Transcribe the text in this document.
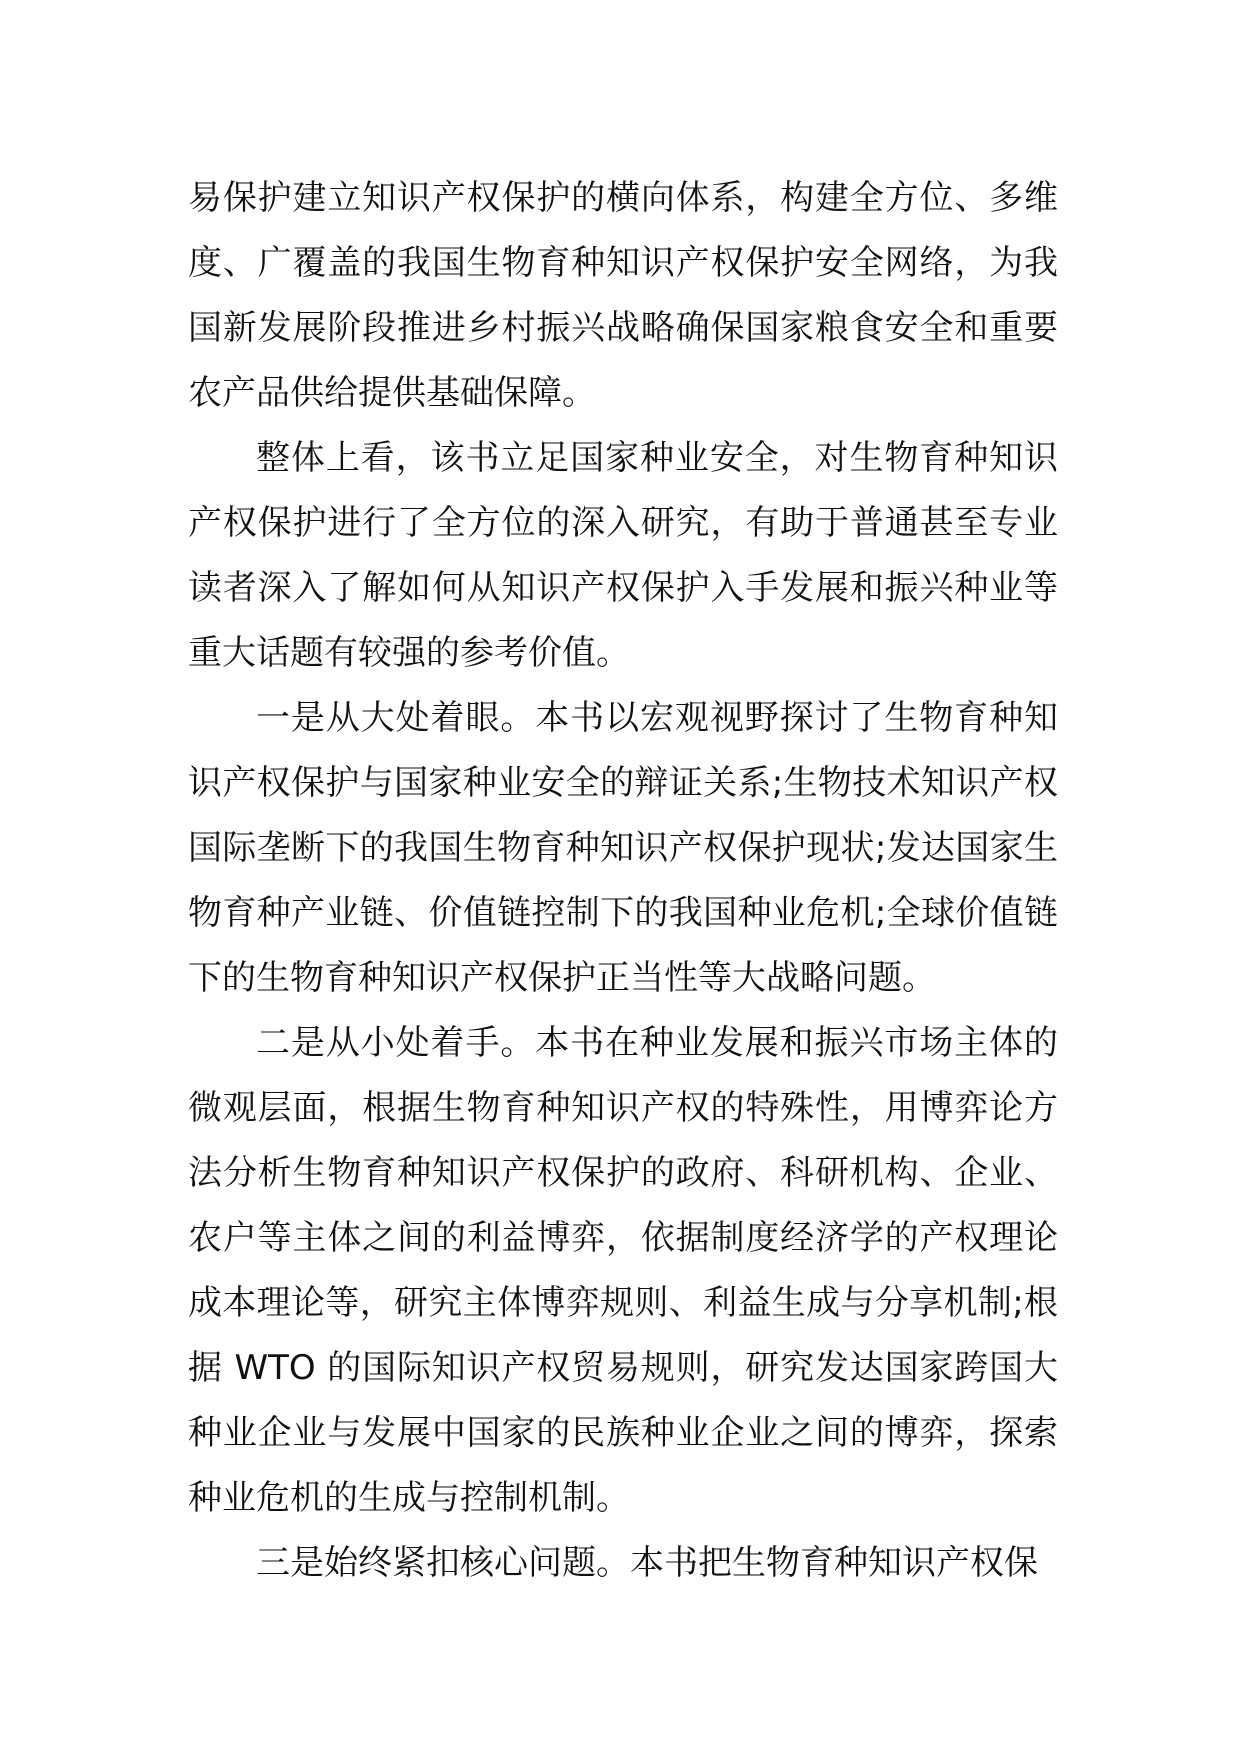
易保护建立知识产权保护的横向体系，构建全方位、多维度、广覆盖的我国生物育种知识产权保护安全网络，为我国新发展阶段推进乡村振兴战略确保国家粮食安全和重要农产品供给提供基础保障。

整体上看，该书立足国家种业安全，对生物育种知识产权保护进行了全方位的深入研究，有助于普通甚至专业读者深入了解如何从知识产权保护入手发展和振兴种业等重大话题有较强的参考价值。

一是从大处着眼。本书以宏观视野探讨了生物育种知识产权保护与国家种业安全的辩证关系;生物技术知识产权国际垄断下的我国生物育种知识产权保护现状;发达国家生物育种产业链、价值链控制下的我国种业危机;全球价值链下的生物育种知识产权保护正当性等大战略问题。

二是从小处着手。本书在种业发展和振兴市场主体的微观层面，根据生物育种知识产权的特殊性，用博弈论方法分析生物育种知识产权保护的政府、科研机构、企业、农户等主体之间的利益博弈，依据制度经济学的产权理论成本理论等，研究主体博弈规则、利益生成与分享机制;根据 WTO 的国际知识产权贸易规则，研究发达国家跨国大种业企业与发展中国家的民族种业企业之间的博弈，探索种业危机的生成与控制机制。

三是始终紧扣核心问题。本书把生物育种知识产权保
